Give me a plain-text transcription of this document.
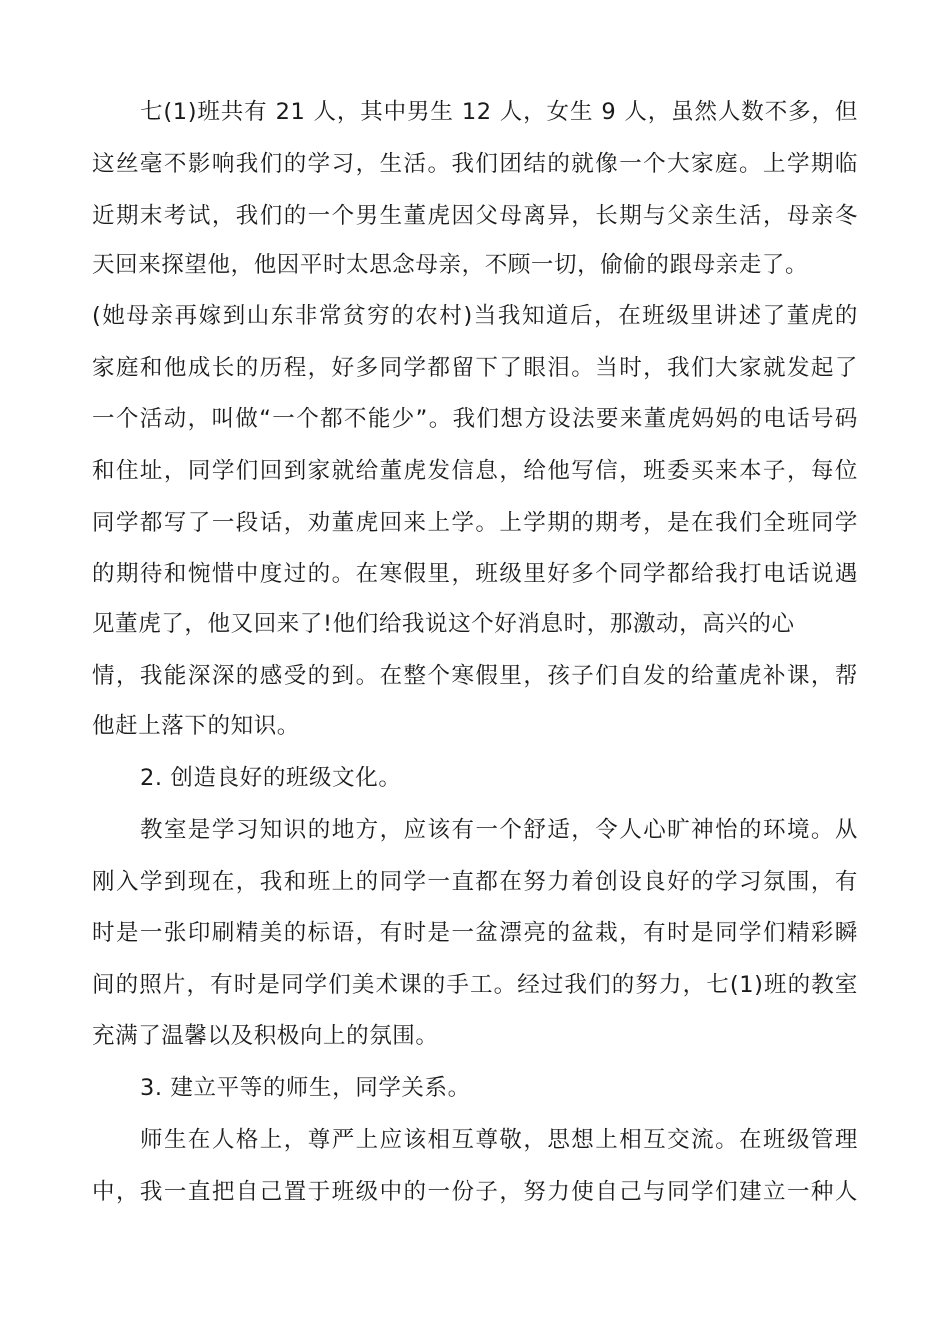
七(1)班共有 21 人，其中男生 12 人，女生 9 人，虽然人数不多，但
这丝毫不影响我们的学习，生活。我们团结的就像一个大家庭。上学期临
近期末考试，我们的一个男生董虎因父母离异，长期与父亲生活，母亲冬
天回来探望他，他因平时太思念母亲，不顾一切，偷偷的跟母亲走了。
(她母亲再嫁到山东非常贫穷的农村)当我知道后，在班级里讲述了董虎的
家庭和他成长的历程，好多同学都留下了眼泪。当时，我们大家就发起了
一个活动，叫做“一个都不能少”。我们想方设法要来董虎妈妈的电话号码
和住址，同学们回到家就给董虎发信息，给他写信，班委买来本子，每位
同学都写了一段话，劝董虎回来上学。上学期的期考，是在我们全班同学
的期待和惋惜中度过的。在寒假里，班级里好多个同学都给我打电话说遇
见董虎了，他又回来了!他们给我说这个好消息时，那激动，高兴的心
情，我能深深的感受的到。在整个寒假里，孩子们自发的给董虎补课，帮
他赶上落下的知识。
2. 创造良好的班级文化。
教室是学习知识的地方，应该有一个舒适，令人心旷神怡的环境。从
刚入学到现在，我和班上的同学一直都在努力着创设良好的学习氛围，有
时是一张印刷精美的标语，有时是一盆漂亮的盆栽，有时是同学们精彩瞬
间的照片，有时是同学们美术课的手工。经过我们的努力，七(1)班的教室
充满了温馨以及积极向上的氛围。
3. 建立平等的师生，同学关系。
师生在人格上，尊严上应该相互尊敬，思想上相互交流。在班级管理
中，我一直把自己置于班级中的一份子，努力使自己与同学们建立一种人
